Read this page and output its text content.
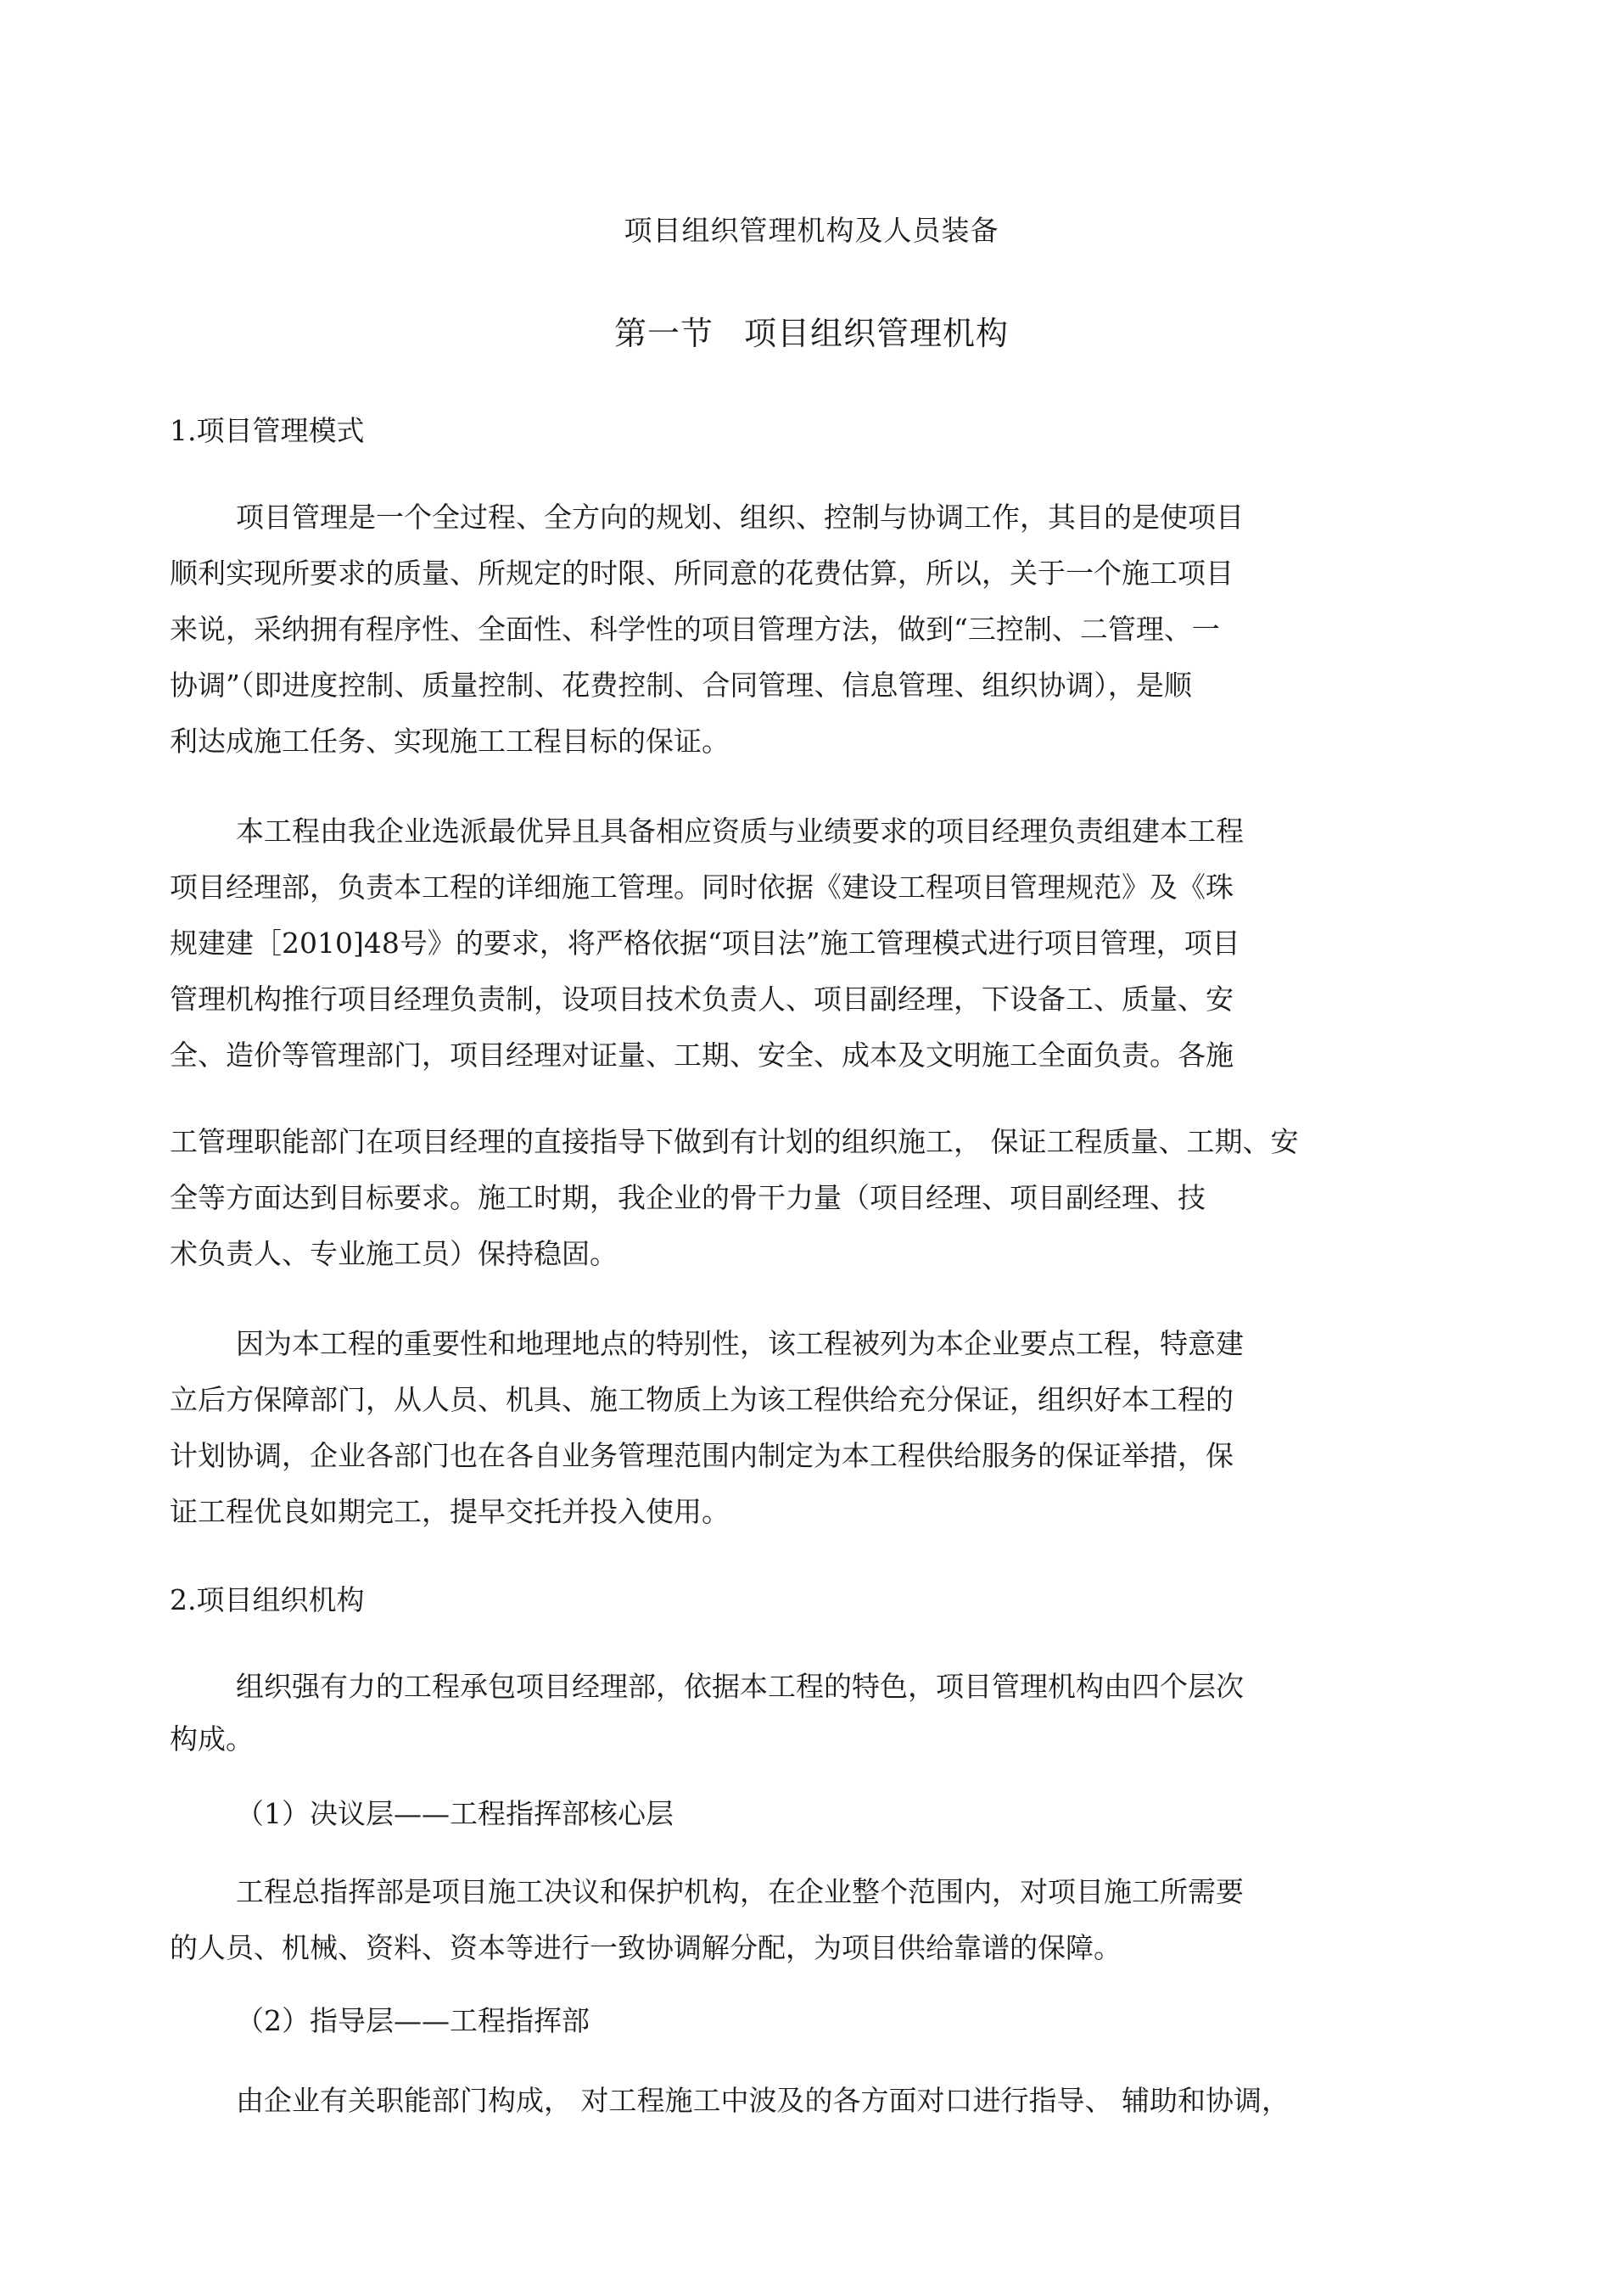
项目组织管理机构及人员装备
第一节 项目组织管理机构

1.项目管理模式

项目管理是一个全过程、全方向的规划、组织、控制与协调工作，其目的是使项目

顺利实现所要求的质量、所规定的时限、所同意的花费估算，所以，关于一个施工项目

来说，采纳拥有程序性、全面性、科学性的项目管理方法，做到“三控制、二管理、一

协调”（即进度控制、质量控制、花费控制、合同管理、信息管理、组织协调），是顺

利达成施工任务、实现施工工程目标的保证。

本工程由我企业选派最优异且具备相应资质与业绩要求的项目经理负责组建本工程

项目经理部，负责本工程的详细施工管理。同时依据《建设工程项目管理规范》及《珠

规建建［2010]48号》的要求，将严格依据“项目法”施工管理模式进行项目管理，项目

管理机构推行项目经理负责制，设项目技术负责人、项目副经理，下设备工、质量、安

全、造价等管理部门，项目经理对证量、工期、安全、成本及文明施工全面负责。各施

工管理职能部门在项目经理的直接指导下做到有计划的组织施工， 保证工程质量、工期、安

全等方面达到目标要求。施工时期，我企业的骨干力量（项目经理、项目副经理、技

术负责人、专业施工员）保持稳固。

因为本工程的重要性和地理地点的特别性，该工程被列为本企业要点工程，特意建

立后方保障部门，从人员、机具、施工物质上为该工程供给充分保证，组织好本工程的

计划协调，企业各部门也在各自业务管理范围内制定为本工程供给服务的保证举措，保

证工程优良如期完工，提早交托并投入使用。

2.项目组织机构

组织强有力的工程承包项目经理部，依据本工程的特色，项目管理机构由四个层次

构成。

（1）决议层——工程指挥部核心层

工程总指挥部是项目施工决议和保护机构，在企业整个范围内，对项目施工所需要

的人员、机械、资料、资本等进行一致协调解分配，为项目供给靠谱的保障。

（2）指导层——工程指挥部

由企业有关职能部门构成， 对工程施工中波及的各方面对口进行指导、 辅助和协调，
